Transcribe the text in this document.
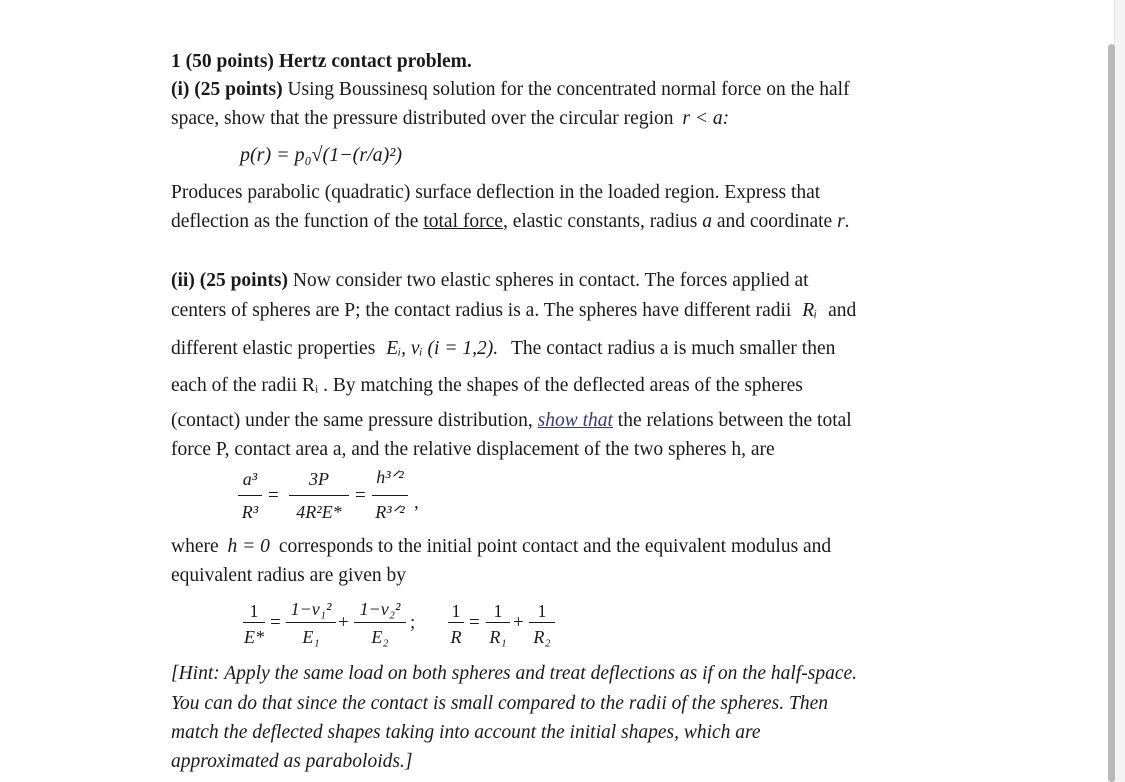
1 (50 points) Hertz contact problem.
(i) (25 points) Using Boussinesq solution for the concentrated normal force on the half
space, show that the pressure distributed over the circular region r < a:
p(r) = p₀√(1−(r/a)²)
Produces parabolic (quadratic) surface deflection in the loaded region. Express that
deflection as the function of the total force, elastic constants, radius a and coordinate r.
(ii) (25 points) Now consider two elastic spheres in contact. The forces applied at
centers of spheres are P; the contact radius is a. The spheres have different radii Rᵢ and
different elastic properties Eᵢ, νᵢ (i = 1,2). The contact radius a is much smaller then
each of the radii Rᵢ . By matching the shapes of the deflected areas of the spheres
(contact) under the same pressure distribution, show that the relations between the total
force P, contact area a, and the relative displacement of the two spheres h, are
a³
R³
=
3P
4R²E*
=
h³ᐟ²
R³ᐟ² ,
where h = 0 corresponds to the initial point contact and the equivalent modulus and
equivalent radius are given by
1
E*
=
1−ν₁²
E₁
+
1−ν₂²
E₂
;
1
R
=
1
R₁
+
1
R₂
[Hint: Apply the same load on both spheres and treat deflections as if on the half-space.
You can do that since the contact is small compared to the radii of the spheres. Then
match the deflected shapes taking into account the initial shapes, which are
approximated as paraboloids.]
